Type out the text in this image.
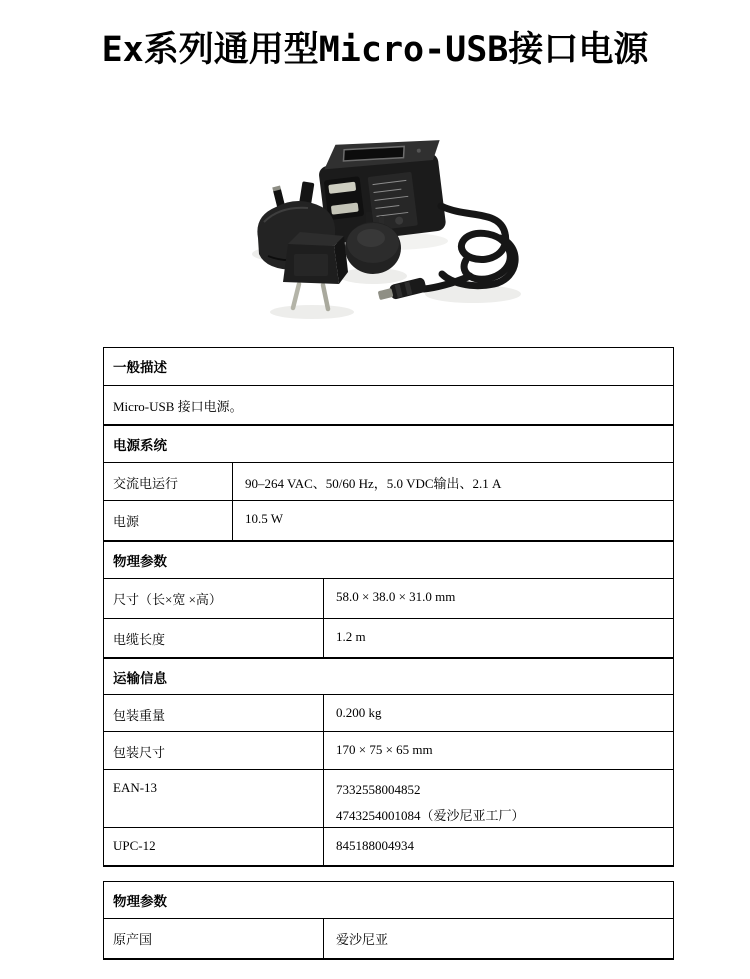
Ex系列通用型Micro-USB接口电源
一般描述
Micro-USB 接口电源。
电源系统
交流电运行	90–264 VAC、50/60 Hz，5.0 VDC输出、2.1 A
电源	10.5 W
物理参数
尺寸（长×宽 ×高）	58.0 × 38.0 × 31.0 mm
电缆长度	1.2 m
运输信息
包装重量	0.200 kg
包装尺寸	170 × 75 × 65 mm
EAN-13	7332558004852
4743254001084（爱沙尼亚工厂）
UPC-12	845188004934
物理参数
原产国	爱沙尼亚
